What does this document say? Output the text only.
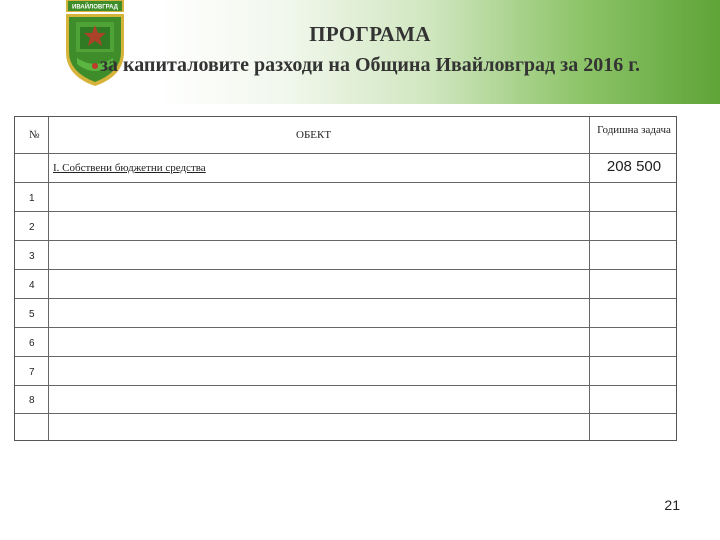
ИВАЙЛОВГРАД
ПРОГРАМА
за капиталовите разходи на Община Ивайловград за 2016 г.
№	ОБЕКТ	Годишна задача
I. Собствени бюджетни средства	208 500
1
2
3
4
5
6
7
8
21
